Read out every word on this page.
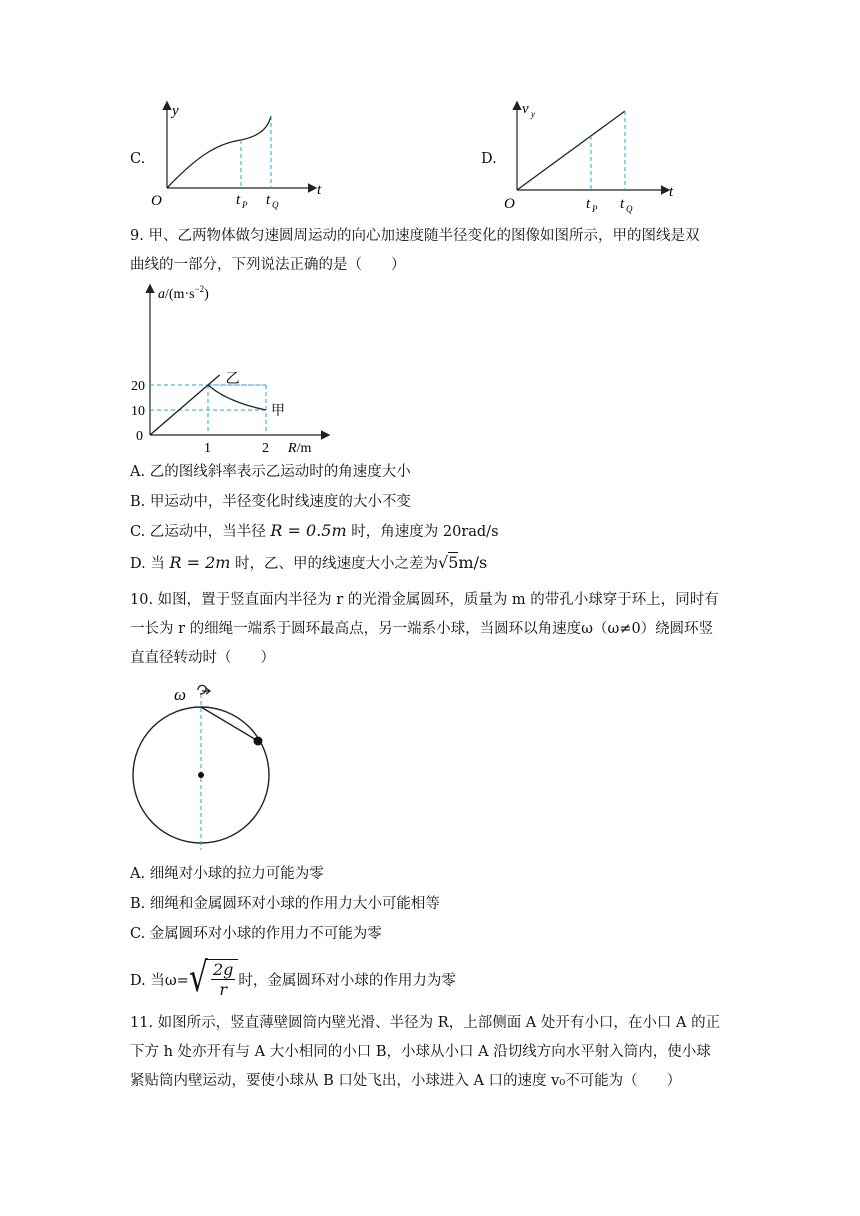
C.
y
t
O	t P t Q
D.
v y
t
O	t P t Q
9. 甲、乙两物体做匀速圆周运动的向心加速度随半径变化的图像如图所示，甲的图线是双
曲线的一部分，下列说法正确的是（　　）
乙
甲
20
10
1	2
$a/(m\cdot s^{-2})$
R/m
0
A. 乙的图线斜率表示乙运动时的角速度大小
B. 甲运动中，半径变化时线速度的大小不变
C. 乙运动中，当半径 R = 0.5m 时，角速度为 20rad/s
D. 当 R = 2m 时，乙、甲的线速度大小之差为√5m/s
10. 如图，置于竖直面内半径为 r 的光滑金属圆环，质量为 m 的带孔小球穿于环上，同时有
一长为 r 的细绳一端系于圆环最高点，另一端系小球，当圆环以角速度ω（ω≠0）绕圆环竖
直直径转动时（　　）
ω
A. 细绳对小球的拉力可能为零
B. 细绳和金属圆环对小球的作用力大小可能相等
C. 金属圆环对小球的作用力不可能为零
D. 当ω= √ $\frac{2g}{r}$ 时，金属圆环对小球的作用力为零
11. 如图所示，竖直薄壁圆筒内壁光滑、半径为 R，上部侧面 A 处开有小口，在小口 A 的正
下方 h 处亦开有与 A 大小相同的小口 B，小球从小口 A 沿切线方向水平射入筒内，使小球
紧贴筒内壁运动，要使小球从 B 口处飞出，小球进入 A 口的速度 v₀不可能为（　　）
